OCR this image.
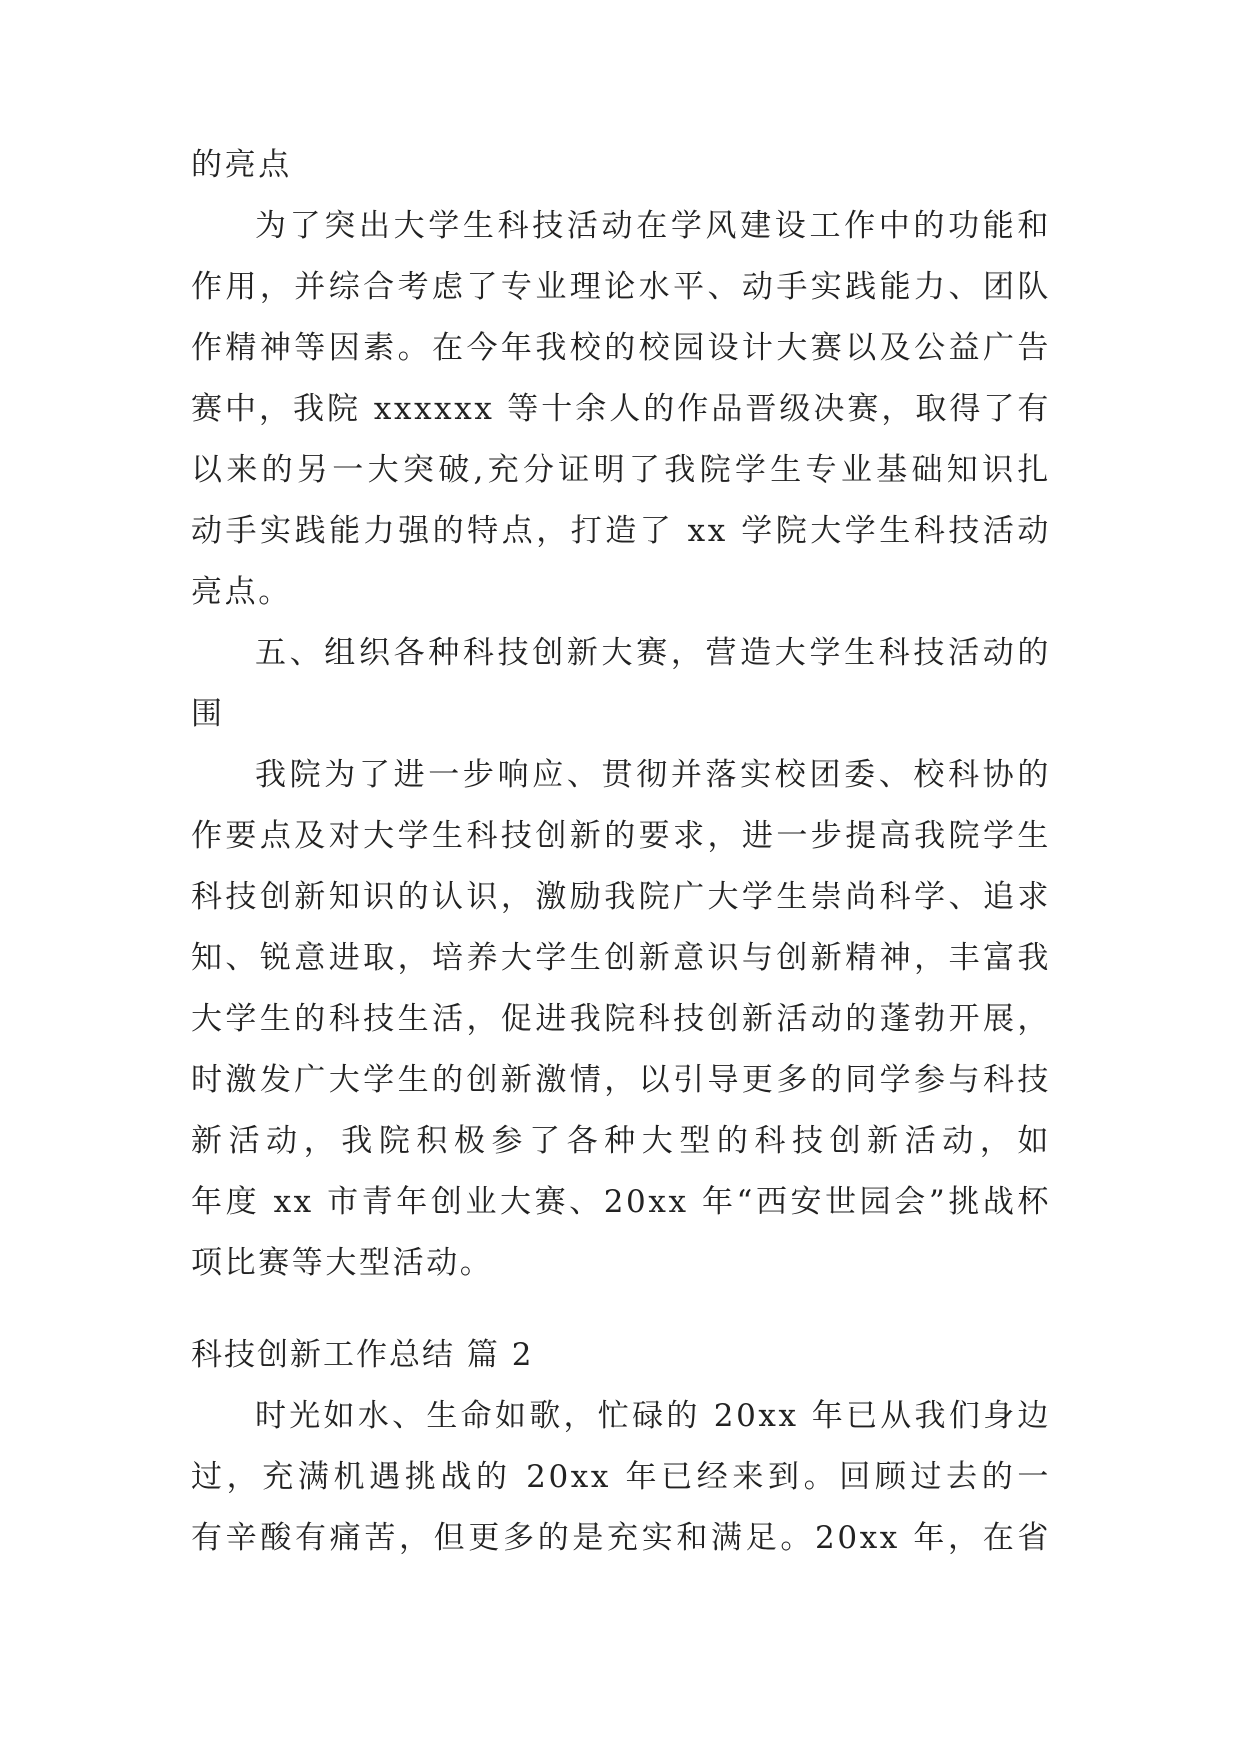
的亮点
为了突出大学生科技活动在学风建设工作中的功能和
作用，并综合考虑了专业理论水平、动手实践能力、团队
作精神等因素。在今年我校的校园设计大赛以及公益广告
赛中，我院 xxxxxx 等十余人的作品晋级决赛，取得了有
以来的另一大突破,充分证明了我院学生专业基础知识扎
动手实践能力强的特点，打造了 xx 学院大学生科技活动
亮点。
五、组织各种科技创新大赛，营造大学生科技活动的
围
我院为了进一步响应、贯彻并落实校团委、校科协的
作要点及对大学生科技创新的要求，进一步提高我院学生
科技创新知识的认识，激励我院广大学生崇尚科学、追求
知、锐意进取，培养大学生创新意识与创新精神，丰富我
大学生的科技生活，促进我院科技创新活动的蓬勃开展，
时激发广大学生的创新激情，以引导更多的同学参与科技
新活动，我院积极参了各种大型的科技创新活动，如
年度 xx 市青年创业大赛、20xx 年“西安世园会”挑战杯
项比赛等大型活动。
科技创新工作总结 篇 2
时光如水、生命如歌，忙碌的 20xx 年已从我们身边
过，充满机遇挑战的 20xx 年已经来到。回顾过去的一
有辛酸有痛苦，但更多的是充实和满足。20xx 年，在省
